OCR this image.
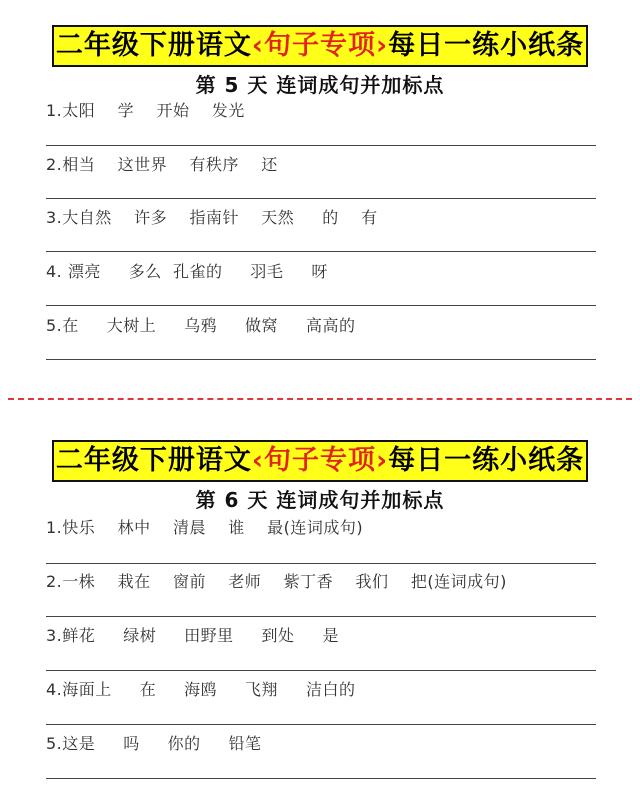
二年级下册语文‹句子专项›每日一练小纸条
第 5 天 连词成句并加标点
1.太阳    学    开始    发光
2.相当    这世界    有秩序    还
3.大自然    许多    指南针    天然     的    有
4. 漂亮     多么  孔雀的     羽毛     呀
5.在     大树上     乌鸦     做窝     高高的
二年级下册语文‹句子专项›每日一练小纸条
第 6 天 连词成句并加标点
1.快乐    林中    清晨    谁    最(连词成句)
2.一株    栽在    窗前    老师    紫丁香    我们    把(连词成句)
3.鲜花     绿树     田野里     到处     是
4.海面上     在     海鸥     飞翔     洁白的
5.这是     吗     你的     铅笔
